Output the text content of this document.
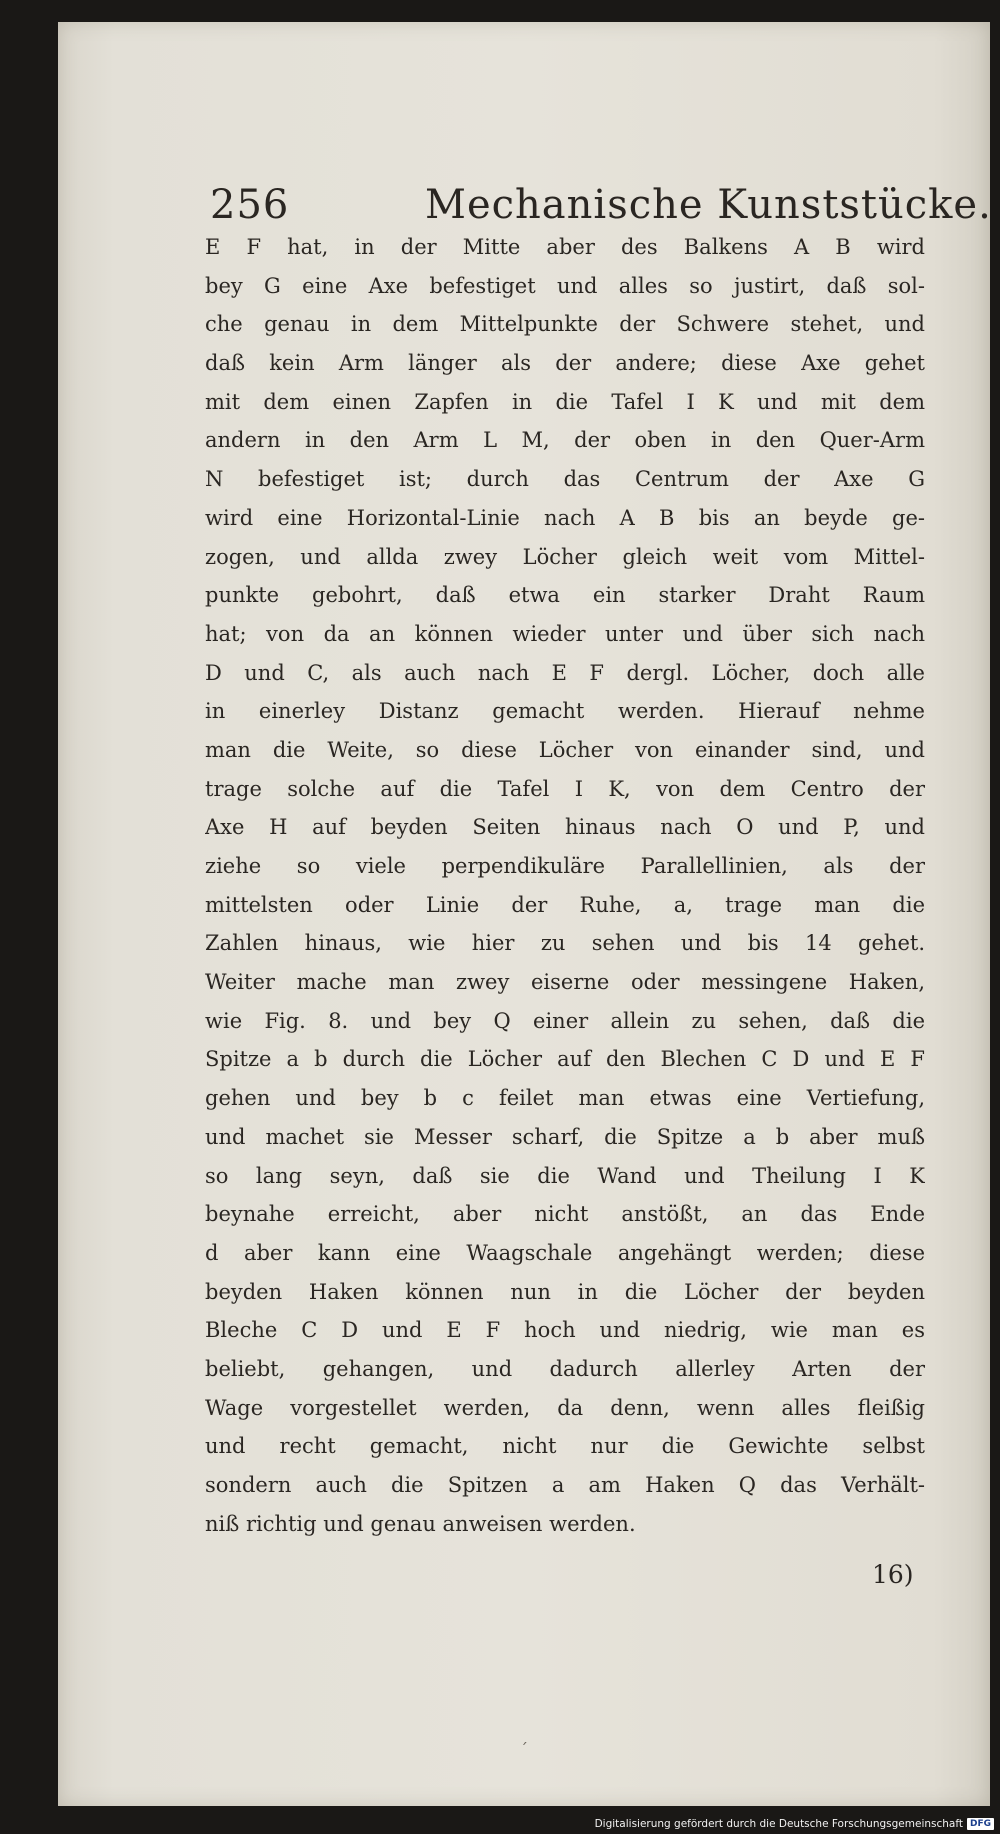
256	Mechanische Kunststücke.
E F hat, in der Mitte aber des Balkens A B wird
bey G eine Axe befestiget und alles so justirt, daß sol-
che genau in dem Mittelpunkte der Schwere stehet, und
daß kein Arm länger als der andere; diese Axe gehet
mit dem einen Zapfen in die Tafel I K und mit dem
andern in den Arm L M, der oben in den Quer-Arm
N befestiget ist; durch das Centrum der Axe G
wird eine Horizontal-Linie nach A B bis an beyde ge-
zogen, und allda zwey Löcher gleich weit vom Mittel-
punkte gebohrt, daß etwa ein starker Draht Raum
hat; von da an können wieder unter und über sich nach
D und C, als auch nach E F dergl. Löcher, doch alle
in einerley Distanz gemacht werden. Hierauf nehme
man die Weite, so diese Löcher von einander sind, und
trage solche auf die Tafel I K, von dem Centro der
Axe H auf beyden Seiten hinaus nach O und P, und
ziehe so viele perpendikuläre Parallellinien, als der
mittelsten oder Linie der Ruhe, a, trage man die
Zahlen hinaus, wie hier zu sehen und bis 14 gehet.
Weiter mache man zwey eiserne oder messingene Haken,
wie Fig. 8. und bey Q einer allein zu sehen, daß die
Spitze a b durch die Löcher auf den Blechen C D und E F
gehen und bey b c feilet man etwas eine Vertiefung,
und machet sie Messer scharf, die Spitze a b aber muß
so lang seyn, daß sie die Wand und Theilung I K
beynahe erreicht, aber nicht anstößt, an das Ende
d aber kann eine Waagschale angehängt werden; diese
beyden Haken können nun in die Löcher der beyden
Bleche C D und E F hoch und niedrig, wie man es
beliebt, gehangen, und dadurch allerley Arten der
Wage vorgestellet werden, da denn, wenn alles fleißig
und recht gemacht, nicht nur die Gewichte selbst
sondern auch die Spitzen a am Haken Q das Verhält-
niß richtig und genau anweisen werden.
16)
ˊ
Digitalisierung gefördert durch die Deutsche Forschungsgemeinschaft DFG
